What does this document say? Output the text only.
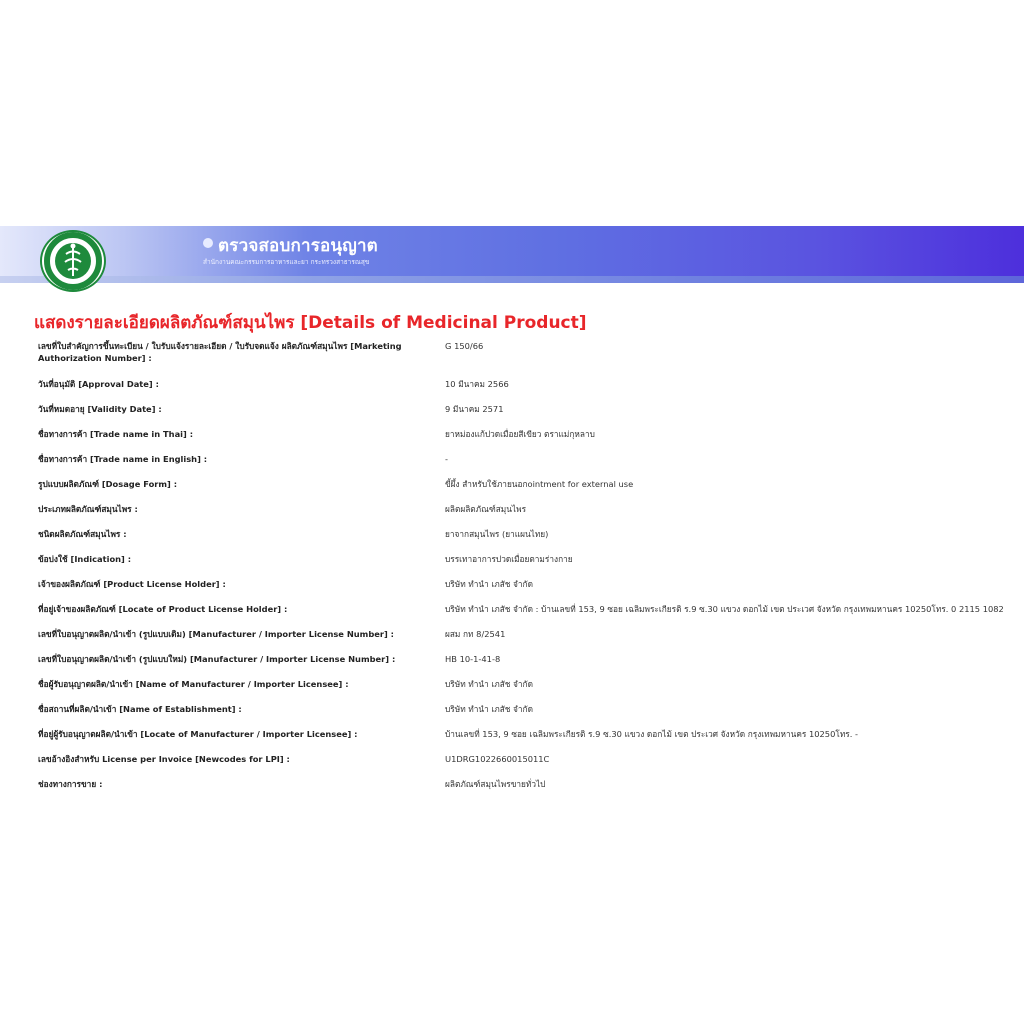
ตรวจสอบการอนุญาต
สำนักงานคณะกรรมการอาหารและยา กระทรวงสาธารณสุข
แสดงรายละเอียดผลิตภัณฑ์สมุนไพร [Details of Medicinal Product]
เลขที่ใบสำคัญการขึ้นทะเบียน / ใบรับแจ้งรายละเอียด / ใบรับจดแจ้ง ผลิตภัณฑ์สมุนไพร [Marketing Authorization Number] :
G 150/66
วันที่อนุมัติ [Approval Date] :	10 มีนาคม 2566
วันที่หมดอายุ [Validity Date] :	9 มีนาคม 2571
ชื่อทางการค้า [Trade name in Thai] :	ยาหม่องแก้ปวดเมื่อยสีเขียว ตราแม่กุหลาบ
ชื่อทางการค้า [Trade name in English] :	-
รูปแบบผลิตภัณฑ์ [Dosage Form] :	ขี้ผึ้ง สำหรับใช้ภายนอกointment for external use
ประเภทผลิตภัณฑ์สมุนไพร :	ผลิตผลิตภัณฑ์สมุนไพร
ชนิดผลิตภัณฑ์สมุนไพร :	ยาจากสมุนไพร (ยาแผนไทย)
ข้อบ่งใช้ [Indication] :	บรรเทาอาการปวดเมื่อยตามร่างกาย
เจ้าของผลิตภัณฑ์ [Product License Holder] :	บริษัท ทำนำ เภสัช จำกัด
ที่อยู่เจ้าของผลิตภัณฑ์ [Locate of Product License Holder] :	บริษัท ทำนำ เภสัช จำกัด : บ้านเลขที่ 153, 9 ซอย เฉลิมพระเกียรติ ร.9 ซ.30 แขวง ดอกไม้ เขต ประเวศ จังหวัด กรุงเทพมหานคร 10250โทร. 0 2115 1082
เลขที่ใบอนุญาตผลิต/นำเข้า (รูปแบบเดิม) [Manufacturer / Importer License Number] :	ผสม กท 8/2541
เลขที่ใบอนุญาตผลิต/นำเข้า (รูปแบบใหม่) [Manufacturer / Importer License Number] :	HB 10-1-41-8
ชื่อผู้รับอนุญาตผลิต/นำเข้า [Name of Manufacturer / Importer Licensee] :	บริษัท ทำนำ เภสัช จำกัด
ชื่อสถานที่ผลิต/นำเข้า [Name of Establishment] :	บริษัท ทำนำ เภสัช จำกัด
ที่อยู่ผู้รับอนุญาตผลิต/นำเข้า [Locate of Manufacturer / Importer Licensee] :	บ้านเลขที่ 153, 9 ซอย เฉลิมพระเกียรติ ร.9 ซ.30 แขวง ดอกไม้ เขต ประเวศ จังหวัด กรุงเทพมหานคร 10250โทร. -
เลขอ้างอิงสำหรับ License per Invoice [Newcodes for LPI] :	U1DRG1022660015011C
ช่องทางการขาย :	ผลิตภัณฑ์สมุนไพรขายทั่วไป
